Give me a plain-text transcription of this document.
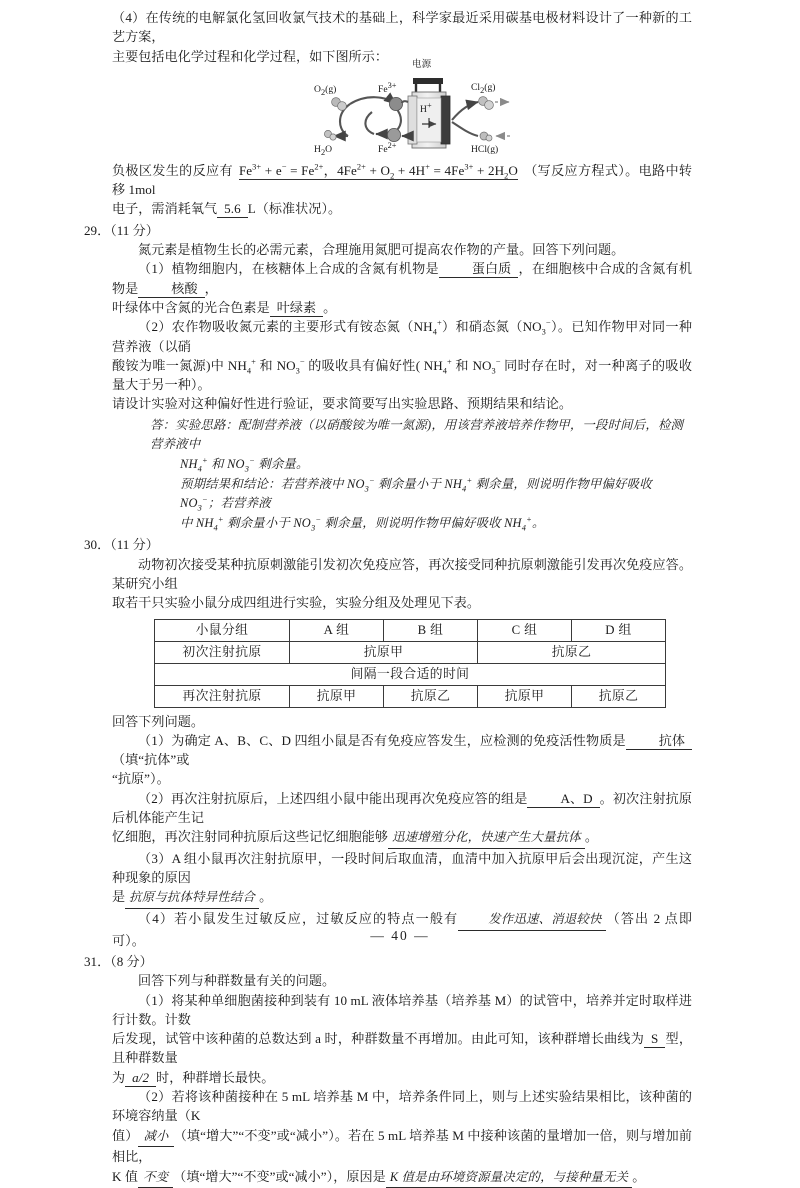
（4）在传统的电解氯化氢回收氯气技术的基础上，科学家最近采用碳基电极材料设计了一种新的工艺方案，
主要包括电化学过程和化学过程，如下图所示：
电源
$O_2(g)$
$H_2O$
$Fe^{3+}$
$Fe^{2+}$
H+
$Cl_2(g)$
HCl(g)
负极区发生的反应有 $Fe^{3+} + e^- = Fe^{2+}$，$4Fe^{2+} + O_2 + 4H^+ = 4Fe^{3+} + 2H_2O$ （写反应方程式）。电路中转移 1mol
电子，需消耗氧气 5.6 L（标准状况）。
29．（11 分）
氮元素是植物生长的必需元素，合理施用氮肥可提高农作物的产量。回答下列问题。
（1）植物细胞内，在核糖体上合成的含氮有机物是	蛋白质 ，在细胞核中合成的含氮有机物是	核酸 ，
叶绿体中含氮的光合色素是 叶绿素 。
（2）农作物吸收氮元素的主要形式有铵态氮$(NH_4^+)$和硝态氮$(NO_3^-)$。已知作物甲对同一种营养液（以硝
酸铵为唯一氮源)中 $NH_4^+$ 和 $NO_3^-$ 的吸收具有偏好性( $NH_4^+$ 和 $NO_3^-$ 同时存在时，对一种离子的吸收量大于另一种）。
请设计实验对这种偏好性进行验证，要求简要写出实验思路、预期结果和结论。
答：实验思路：配制营养液（以硝酸铵为唯一氮源)，用该营养液培养作物甲，一段时间后，检测营养液中
$NH_4^+$ 和 $NO_3^-$ 剩余量。
预期结果和结论：若营养液中 $NO_3^-$ 剩余量小于 $NH_4^+$ 剩余量，则说明作物甲偏好吸收 $NO_3^-$；若营养液
中 $NH_4^+$ 剩余量小于 $NO_3^-$ 剩余量，则说明作物甲偏好吸收 $NH_4^+$。
30．（11 分）
动物初次接受某种抗原刺激能引发初次免疫应答，再次接受同种抗原刺激能引发再次免疫应答。某研究小组
取若干只实验小鼠分成四组进行实验，实验分组及处理见下表。
小鼠分组	A 组	B 组	C 组	D 组
初次注射抗原	抗原甲		抗原乙	
间隔一段合适的时间				
再次注射抗原	抗原甲	抗原乙	抗原甲	抗原乙
回答下列问题。
（1）为确定 A、B、C、D 四组小鼠是否有免疫应答发生，应检测的免疫活性物质是	抗体（填“抗体”或
“抗原”）。
（2）再次注射抗原后，上述四组小鼠中能出现再次免疫应答的组是	A、D 。初次注射抗原后机体能产生记
忆细胞，再次注射同种抗原后这些记忆细胞能够 迅速增殖分化，快速产生大量抗体 。
（3）A 组小鼠再次注射抗原甲，一段时间后取血清，血清中加入抗原甲后会出现沉淀，产生这种现象的原因
是 抗原与抗体特异性结合 。
（4）若小鼠发生过敏反应，过敏反应的特点一般有 发作迅速、消退较快 （答出 2 点即可）。
31．（8 分）
回答下列与种群数量有关的问题。
（1）将某种单细胞菌接种到装有 10 mL 液体培养基（培养基 M）的试管中，培养并定时取样进行计数。计数
后发现，试管中该种菌的总数达到 a 时，种群数量不再增加。由此可知，该种群增长曲线为 S 型，且种群数量
为 a/2 时，种群增长最快。
（2）若将该种菌接种在 5 mL 培养基 M 中，培养条件同上，则与上述实验结果相比，该种菌的环境容纳量（K
值） 减小 （填“增大”“不变”或“减小”）。若在 5 mL 培养基 M 中接种该菌的量增加一倍，则与增加前相比，
K 值 不变 （填“增大”“不变”或“减小”），原因是 K 值是由环境资源量决定的，与接种量无关 。
— 40 —
